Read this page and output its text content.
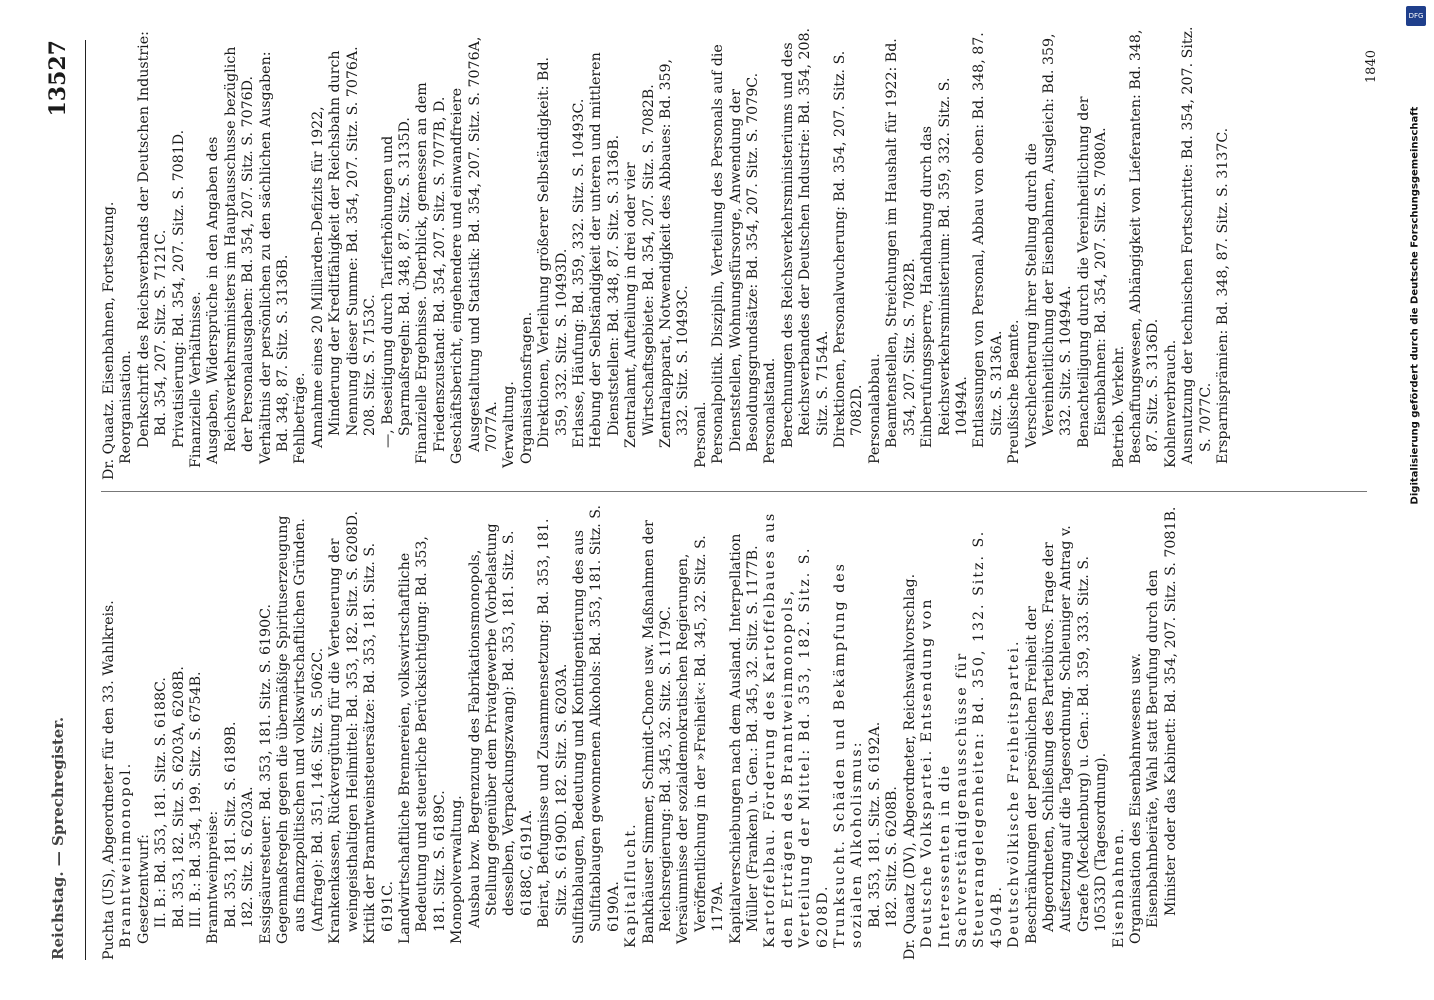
Reichstag. — Sprechregister.
13527

Puchta (US), Abgeordneter für den 33. Wahlkreis. Branntweinmonopol. Gesetzentwurf: II. B.: Bd. 353, 181. Sitz. S. 6188C. Bd. 353, 182. Sitz. S. 6203A, 6208B. III. B.: Bd. 354, 199. Sitz. S. 6754B. Branntweinpreise: Bd. 353, 181. Sitz. S. 6189B. 182. Sitz. S. 6203A. Essigsäuresteuer: Bd. 353, 181. Sitz. S. 6190C. Gegenmaßregeln gegen die übermäßige Spirituserzeugung aus finanzpolitischen und volkswirtschaftlichen Gründen. (Anfrage): Bd. 351, 146. Sitz. S. 5062C. Krankenkassen, Rückvergütung für die Verteuerung der weingeisthaltigen Heilmittel: Bd. 353, 182. Sitz. S. 6208D. Kritik der Branntweinsteuersätze: Bd. 353, 181. Sitz. S. 6191C. Landwirtschaftliche Brennereien, volkswirtschaftliche Bedeutung und steuerliche Berücksichtigung: Bd. 353, 181. Sitz. S. 6189C. Monopolverwaltung. Ausbau bzw. Begrenzung des Fabrikationsmonopols, Stellung gegenüber dem Privatgewerbe (Vorbelastung desselben, Verpackungszwang): Bd. 353, 181. Sitz. S. 6188C, 6191A. Beirat, Befugnisse und Zusammensetzung: Bd. 353, 181. Sitz. S. 6190D. 182. Sitz. S. 6203A. Sulfitablaugen, Bedeutung und Kontingentierung des aus Sulfitablaugen gewonnenen Alkohols: Bd. 353, 181. Sitz. S. 6190A. Kapitalflucht. Bankhäuser Simmer, Schmidt-Chone usw. Maßnahmen der Reichsregierung: Bd. 345, 32. Sitz. S. 1179C. Versäumnisse der sozialdemokratischen Regierungen, Veröffentlichung in der »Freiheit«: Bd. 345, 32. Sitz. S. 1179A. Kapitalverschiebungen nach dem Ausland. Interpellation Müller (Franken) u. Gen.: Bd. 345, 32. Sitz. S. 1177B. Kartoffelbau. Förderung des Kartoffelbaues aus den Erträgen des Branntweinmonopols, Verteilung der Mittel: Bd. 353, 182. Sitz. S. 6208D. Trunksucht. Schäden und Bekämpfung des sozialen Alkoholismus: Bd. 353, 181. Sitz. S. 6192A. 182. Sitz. S. 6208B. Dr. Quaatz (DV), Abgeordneter, Reichswahlvorschlag. Deutsche Volkspartei. Entsendung von Interessenten in die Sachverständigenausschüsse für Steuerangelegenheiten: Bd. 350, 132. Sitz. S. 4504B. Deutschvölkische Freiheitspartei. Beschränkungen der persönlichen Freiheit der Abgeordneten, Schließung des Parteibüros. Frage der Aufsetzung auf die Tagesordnung. Schleuniger Antrag v. Graefe (Mecklenburg) u. Gen.: Bd. 359, 333. Sitz. S. 10533D (Tagesordnung). Eisenbahnen. Organisation des Eisenbahnwesens usw. Eisenbahnbeiräte, Wahl statt Berufung durch den Minister oder das Kabinett: Bd. 354, 207. Sitz. S. 7081B.

Dr. Quaatz. Eisenbahnen, Fortsetzung. Reorganisation. Denkschrift des Reichsverbands der Deutschen Industrie: Bd. 354, 207. Sitz. S. 7121C. Privatisierung: Bd. 354, 207. Sitz. S. 7081D. Finanzielle Verhältnisse. Ausgaben, Widersprüche in den Angaben des Reichsverkehrsministers im Hauptausschusse bezüglich der Personalausgaben: Bd. 354, 207. Sitz. S. 7076D. Verhältnis der persönlichen zu den sächlichen Ausgaben: Bd. 348, 87. Sitz. S. 3136B. Fehlbeträge. Annahme eines 20 Milliarden-Defizits für 1922, Minderung der Kreditfähigkeit der Reichsbahn durch Nennung dieser Summe: Bd. 354, 207. Sitz. S. 7076A. 208. Sitz. S. 7153C. —, Beseitigung durch Tariferhöhungen und Sparmaßregeln: Bd. 348, 87. Sitz. S. 3135D. Finanzielle Ergebnisse. Überblick, gemessen an dem Friedenszustand: Bd. 354, 207. Sitz. S. 7077B, D. Geschäftsbericht, eingehendere und einwandfreiere Ausgestaltung und Statistik: Bd. 354, 207. Sitz. S. 7076A, 7077A. Verwaltung. Organisationsfragen. Direktionen, Verleihung größerer Selbständigkeit: Bd. 359, 332. Sitz. S. 10493D. Erlasse, Häufung: Bd. 359, 332. Sitz. S. 10493C. Hebung der Selbständigkeit der unteren und mittleren Dienststellen: Bd. 348, 87. Sitz. S. 3136B. Zentralamt, Aufteilung in drei oder vier Wirtschaftsgebiete: Bd. 354, 207. Sitz. S. 7082B. Zentralapparat, Notwendigkeit des Abbaues: Bd. 359, 332. Sitz. S. 10493C. Personal. Personalpolitik. Disziplin, Verteilung des Personals auf die Dienststellen, Wohnungsfürsorge, Anwendung der Besoldungsgrundsätze: Bd. 354, 207. Sitz. S. 7079C. Personalstand. Berechnungen des Reichsverkehrsministeriums und des Reichsverbandes der Deutschen Industrie: Bd. 354, 208. Sitz. S. 7154A. Direktionen, Personalwucherung: Bd. 354, 207. Sitz. S. 7082D. Personalabbau. Beamtenstellen, Streichungen im Haushalt für 1922: Bd. 354, 207. Sitz. S. 7082B. Einberufungssperre, Handhabung durch das Reichsverkehrsministerium: Bd. 359, 332. Sitz. S. 10494A. Entlassungen von Personal, Abbau von oben: Bd. 348, 87. Sitz. S. 3136A. Preußische Beamte. Verschlechterung ihrer Stellung durch die Vereinheitlichung der Eisenbahnen, Ausgleich: Bd. 359, 332. Sitz. S. 10494A. Benachteiligung durch die Vereinheitlichung der Eisenbahnen: Bd. 354, 207. Sitz. S. 7080A. Betrieb. Verkehr. Beschaffungswesen, Abhängigkeit von Lieferanten: Bd. 348, 87. Sitz. S. 3136D. Kohlenverbrauch. Ausnutzung der technischen Fortschritte: Bd. 354, 207. Sitz. S. 7077C. Ersparnisprämien: Bd. 348, 87. Sitz. S. 3137C.

1840
DFG
Digitalisierung gefördert durch die Deutsche Forschungsgemeinschaft
